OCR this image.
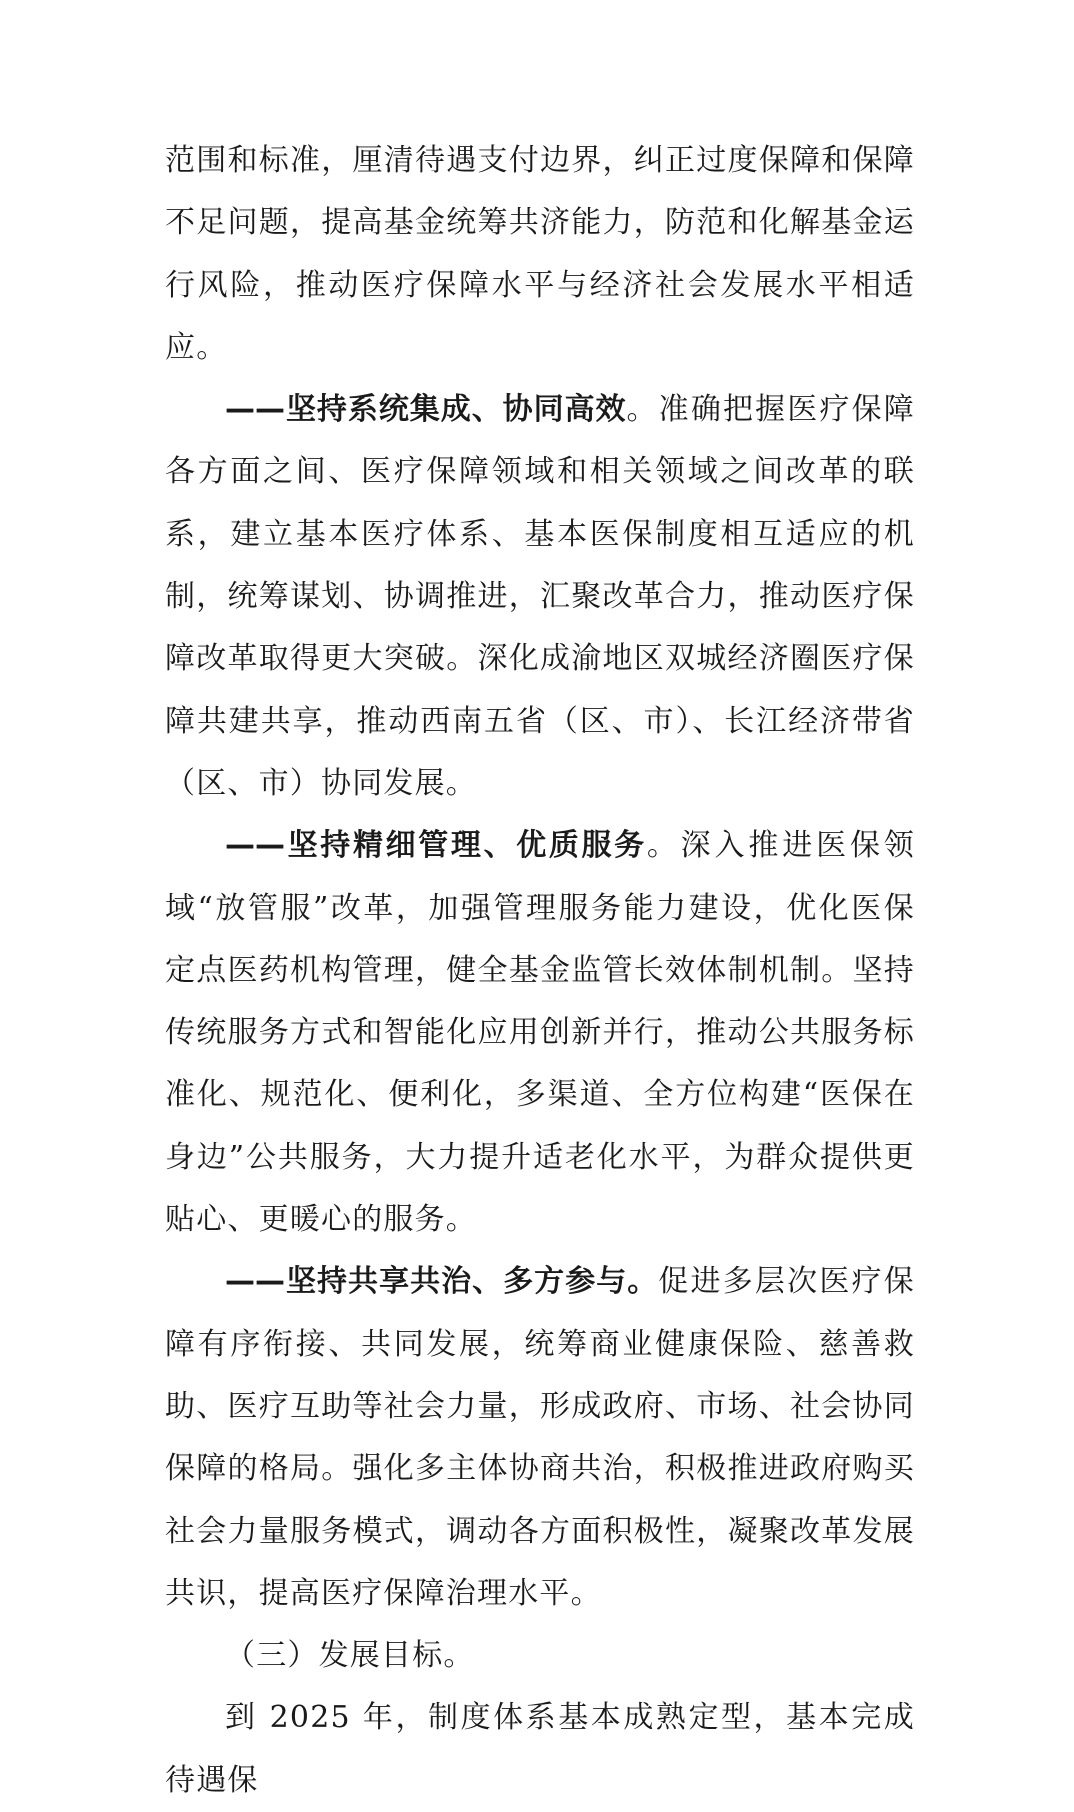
范围和标准，厘清待遇支付边界，纠正过度保障和保障不足问题，提高基金统筹共济能力，防范和化解基金运行风险，推动医疗保障水平与经济社会发展水平相适应。

——坚持系统集成、协同高效。准确把握医疗保障各方面之间、医疗保障领域和相关领域之间改革的联系，建立基本医疗体系、基本医保制度相互适应的机制，统筹谋划、协调推进，汇聚改革合力，推动医疗保障改革取得更大突破。深化成渝地区双城经济圈医疗保障共建共享，推动西南五省（区、市）、长江经济带省（区、市）协同发展。

——坚持精细管理、优质服务。深入推进医保领域“放管服”改革，加强管理服务能力建设，优化医保定点医药机构管理，健全基金监管长效体制机制。坚持传统服务方式和智能化应用创新并行，推动公共服务标准化、规范化、便利化，多渠道、全方位构建“医保在身边”公共服务，大力提升适老化水平，为群众提供更贴心、更暖心的服务。

——坚持共享共治、多方参与。促进多层次医疗保障有序衔接、共同发展，统筹商业健康保险、慈善救助、医疗互助等社会力量，形成政府、市场、社会协同保障的格局。强化多主体协商共治，积极推进政府购买社会力量服务模式，调动各方面积极性，凝聚改革发展共识，提高医疗保障治理水平。

（三）发展目标。

到 2025 年，制度体系基本成熟定型，基本完成待遇保
